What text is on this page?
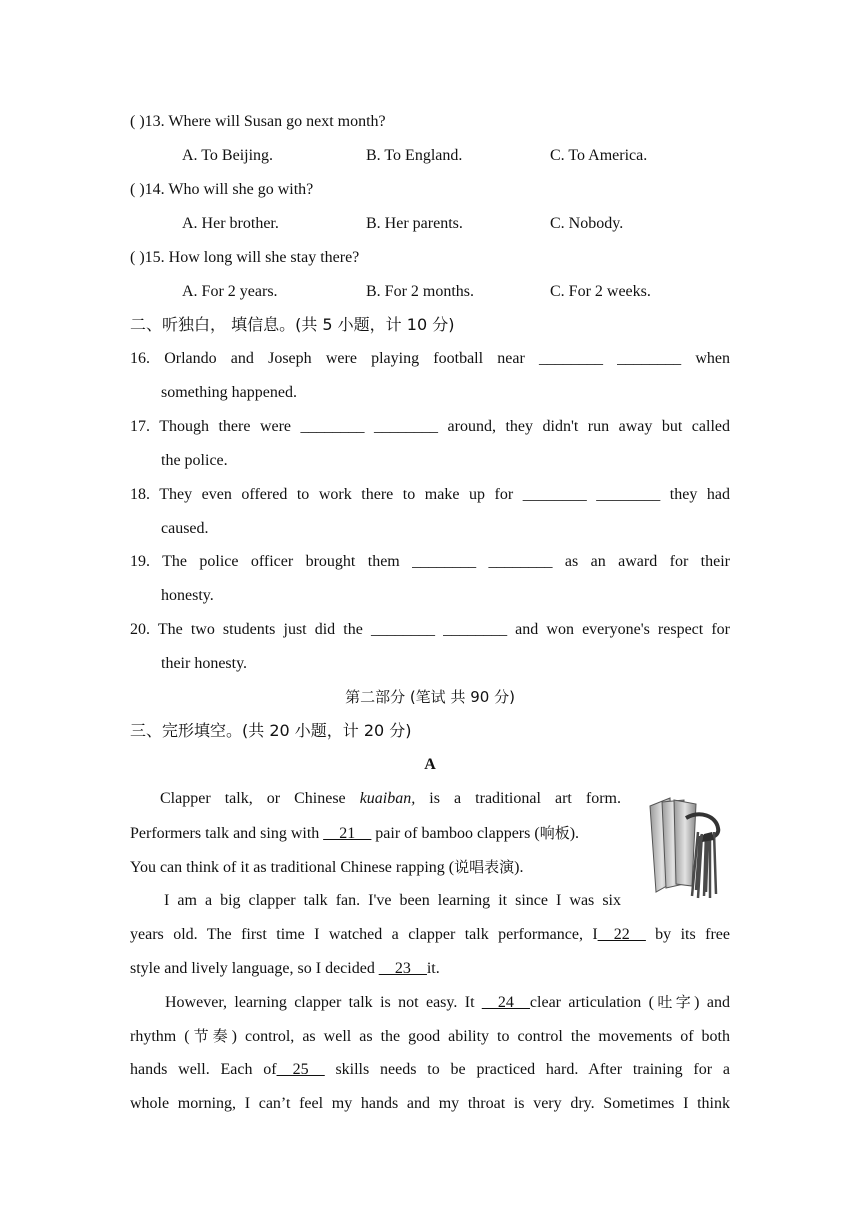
( )13. Where will Susan go next month?
A. To Beijing.	B. To England.	C. To America.
( )14. Who will she go with?
A. Her brother.	B. Her parents.	C. Nobody.
( )15. How long will she stay there?
A. For 2 years.	B. For 2 months.	C. For 2 weeks.
二、听独白， 填信息。(共 5 小题，计 10 分)
16. Orlando and Joseph were playing football near ________ ________ when
something happened.
17. Though there were ________ ________ around, they didn't run away but called
the police.
18. They even offered to work there to make up for ________ ________ they had
caused.
19. The police officer brought them ________ ________ as an award for their
honesty.
20. The two students just did the ________ ________ and won everyone's respect for
their honesty.
第二部分 (笔试 共 90 分)
三、完形填空。(共 20 小题，计 20 分)
A
Clapper talk, or Chinese kuaiban, is a traditional art form.
Performers talk and sing with __21__ pair of bamboo clappers (响板).
You can think of it as traditional Chinese rapping (说唱表演).
I am a big clapper talk fan. I've been learning it since I was six
years old. The first time I watched a clapper talk performance, I__22__ by its free
style and lively language, so I decided __23__it.
However, learning clapper talk is not easy. It __24__clear articulation (吐字) and
rhythm (节奏) control, as well as the good ability to control the movements of both
hands well. Each of__25__ skills needs to be practiced hard. After training for a
whole morning, I can’t feel my hands and my throat is very dry. Sometimes I think
